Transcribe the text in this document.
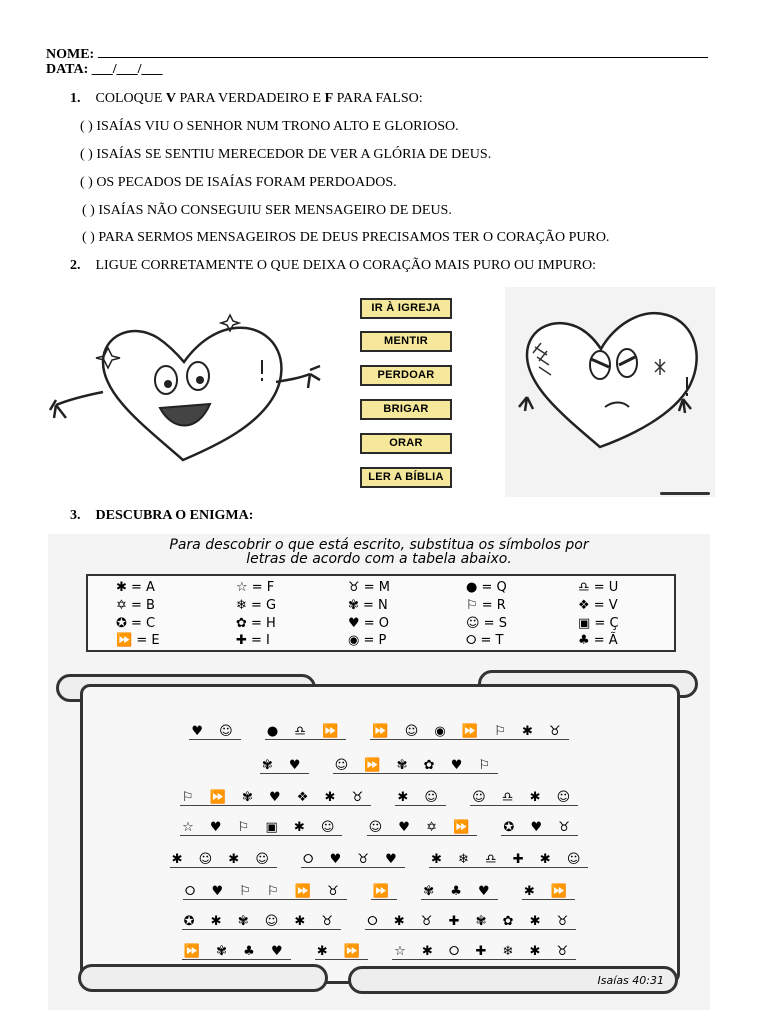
NOME:
DATA: ___/___/___
1. COLOQUE V PARA VERDADEIRO E F PARA FALSO:
( ) ISAÍAS VIU O SENHOR NUM TRONO ALTO E GLORIOSO.
( ) ISAÍAS SE SENTIU MERECEDOR DE VER A GLÓRIA DE DEUS.
( ) OS PECADOS DE ISAÍAS FORAM PERDOADOS.
( ) ISAÍAS NÃO CONSEGUIU SER MENSAGEIRO DE DEUS.
( ) PARA SERMOS MENSAGEIROS DE DEUS PRECISAMOS TER O CORAÇÃO PURO.
2. LIGUE CORRETAMENTE O QUE DEIXA O CORAÇÃO MAIS PURO OU IMPURO:
IR À IGREJA
MENTIR
PERDOAR
BRIGAR
ORAR
LER A BÍBLIA
3. DESCUBRA O ENIGMA:
Para descobrir o que está escrito, substitua os símbolos por
letras de acordo com a tabela abaixo.
✱ = A	☆ = F	♉ = M	● = Q	♎ = U
✡ = B	❄ = G	✾ = N	⚐ = R	❖ = V
✪ = C	✿ = H	♥ = O	☺ = S	▣ = Ç
⏩ = E	✚ = I	◉ = P	⭘ = T	♣ = Ã
♥ ☺ ● ♎ ⏩ ⏩ ☺ ◉ ⏩ ⚐ ✱ ♉
✾ ♥ ☺ ⏩ ✾ ✿ ♥ ⚐
⚐ ⏩ ✾ ♥ ❖ ✱ ♉ ✱ ☺ ☺ ♎ ✱ ☺
☆ ♥ ⚐ ▣ ✱ ☺ ☺ ♥ ✡ ⏩ ✪ ♥ ♉
✱ ☺ ✱ ☺ ⭘ ♥ ♉ ♥ ✱ ❄ ♎ ✚ ✱ ☺
⭘ ♥ ⚐ ⚐ ⏩ ♉ ⏩ ✾ ♣ ♥ ✱ ⏩
✪ ✱ ✾ ☺ ✱ ♉ ⭘ ✱ ♉ ✚ ✾ ✿ ✱ ♉
⏩ ✾ ♣ ♥ ✱ ⏩ ☆ ✱ ⭘ ✚ ❄ ✱ ♉
Isaías 40:31
